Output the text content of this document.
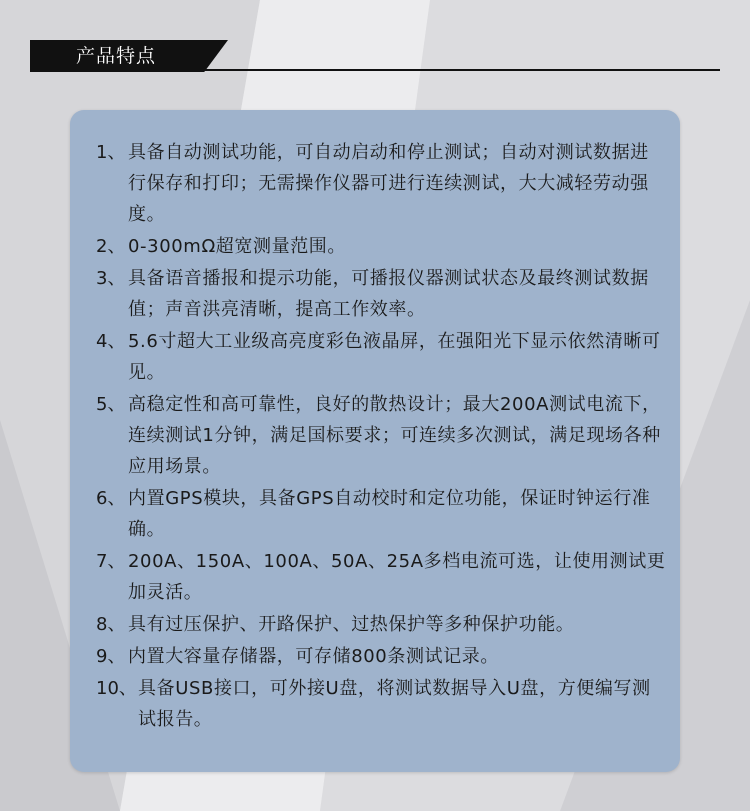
产品特点
1、 具备自动测试功能，可自动启动和停止测试；自动对测试数据进行保存和打印；无需操作仪器可进行连续测试，大大减轻劳动强度。
2、 0-300mΩ超宽测量范围。
3、 具备语音播报和提示功能，可播报仪器测试状态及最终测试数据值；声音洪亮清晰，提高工作效率。
4、 5.6寸超大工业级高亮度彩色液晶屏，在强阳光下显示依然清晰可见。
5、 高稳定性和高可靠性，良好的散热设计；最大200A测试电流下，连续测试1分钟，满足国标要求；可连续多次测试，满足现场各种应用场景。
6、 内置GPS模块，具备GPS自动校时和定位功能，保证时钟运行准确。
7、 200A、150A、100A、50A、25A多档电流可选，让使用测试更加灵活。
8、 具有过压保护、开路保护、过热保护等多种保护功能。
9、 内置大容量存储器，可存储800条测试记录。
10、 具备USB接口，可外接U盘，将测试数据导入U盘，方便编写测试报告。
